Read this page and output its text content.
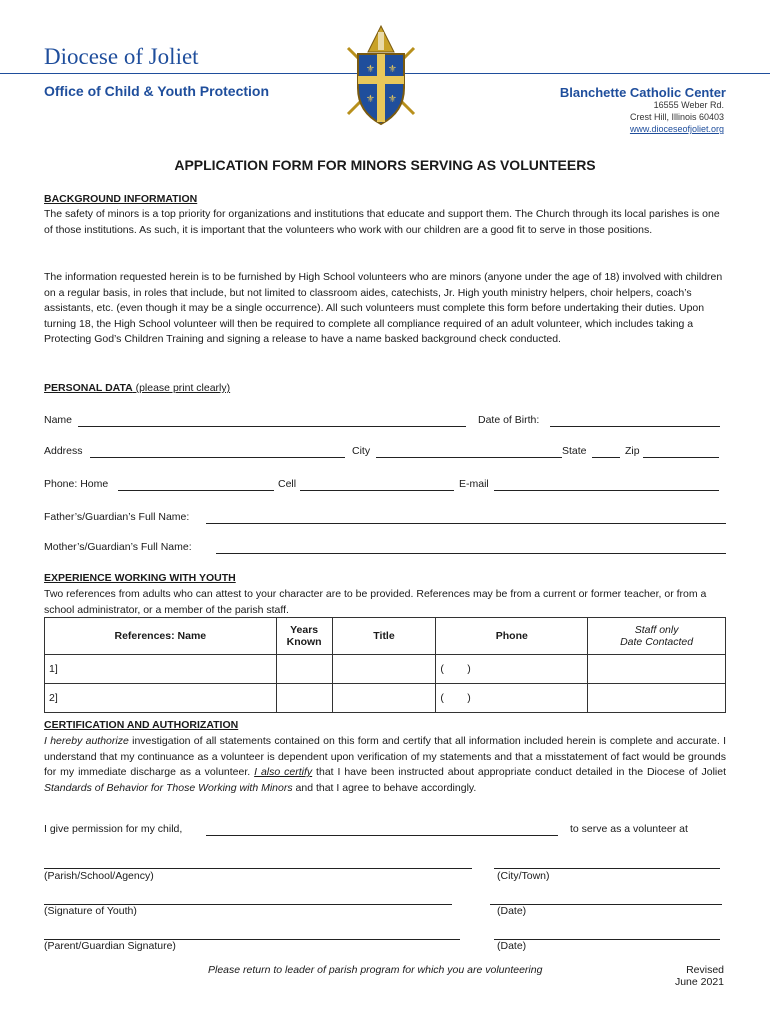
Diocese of Joliet
Office of Child & Youth Protection
⚜ ⚜
⚜ ⚜	Blanchette Catholic Center
16555 Weber Rd.
Crest Hill, Illinois 60403
www.dioceseofjoliet.org
APPLICATION FORM FOR MINORS SERVING AS VOLUNTEERS
BACKGROUND INFORMATION
The safety of minors is a top priority for organizations and institutions that educate and support them. The Church through its local parishes is one of those institutions. As such, it is important that the volunteers who work with our children are a good fit to serve in those positions.
The information requested herein is to be furnished by High School volunteers who are minors (anyone under the age of 18) involved with children on a regular basis, in roles that include, but not limited to classroom aides, catechists, Jr. High youth ministry helpers, choir helpers, coach’s assistants, etc. (even though it may be a single occurrence). All such volunteers must complete this form before undertaking their duties. Upon turning 18, the High School volunteer will then be required to complete all compliance required of an adult volunteer, which includes taking a Protecting God’s Children Training and signing a release to have a name basked background check conducted.
PERSONAL DATA (please print clearly)
Name	Date of Birth:
Address	City	State	Zip
Phone: Home	Cell	E-mail
Father’s/Guardian’s Full Name:
Mother’s/Guardian’s Full Name:
EXPERIENCE WORKING WITH YOUTH
Two references from adults who can attest to your character are to be provided. References may be from a current or former teacher, or from a school administrator, or a member of the parish staff.
References: Name	Years Known	Title	Phone	Staff only
Date Contacted

1]			(        )	
2]			(        )	
CERTIFICATION AND AUTHORIZATION
I hereby authorize investigation of all statements contained on this form and certify that all information included herein is complete and accurate. I understand that my continuance as a volunteer is dependent upon verification of my statements and that a misstatement of fact would be grounds for my immediate discharge as a volunteer. I also certify that I have been instructed about appropriate conduct detailed in the Diocese of Joliet Standards of Behavior for Those Working with Minors and that I agree to behave accordingly.
I give permission for my child,	to serve as a volunteer at
(Parish/School/Agency)	(City/Town)
(Signature of Youth)	(Date)
(Parent/Guardian Signature)	(Date)
Please return to leader of parish program for which you are volunteering	Revised
June 2021
